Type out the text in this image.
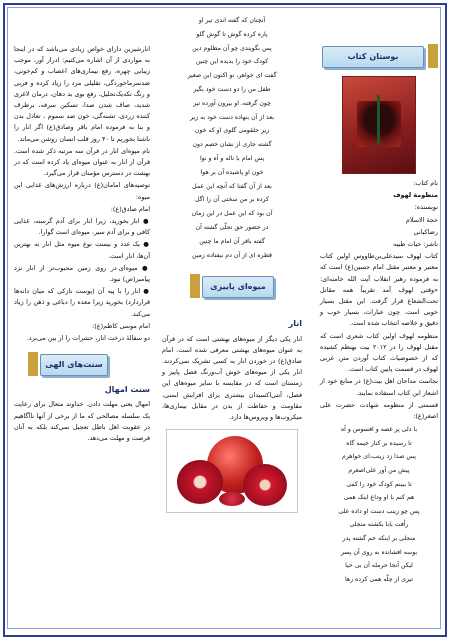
بوستان کتاب

نام کتاب:

منظومة لهوف

نویسنده:

حجة الاسلام

رضاکیانی

ناشر: حیات طیبه

کتاب لهوف سیدعلی‌بن‌طاووس اولین کتاب معتبر و معتبر مقتل امام حسین(ع) است که به فرموده رهبر انقلاب آیت الله خامنه‌ای: «وقتی لهوف آمد تقریباً همه مقاتل تحت‌الشعاع قرار گرفت. این مقتل بسیار خوبی است. چون عبارات، بسیار خوب و دقیق و خلاصه انتخاب شده است.

منظومه لهوف اولین کتاب شعری است که مقتل لهوف را در ۲۰۱۲ بیت بهنظم کشیده که از خصوصیات کتاب آوردن متن عربی لهوف در قسمت پایین کتاب است.

بجاست مداحان اهل بیت(ع) در منابع خود از اشعار این کتاب استفاده نمایند.

قسمتی از منظومه شهادت حضرت علی اصغر(ع):

با دلی پر غصه و افسوس و آه
تا رسیده بر کنار خیمه گاه
پس صدا زد زینب،ای خواهرم
پیش من آور علی‌اصغرم
تا ببینم کودک خود را کمی
هم کنم با او وداع اینک همی
پس چو زینب دست او داده علی
رأفت بابا بکشته منجلی
منجلی بر اینکه خم گشته پدر
بوسه افشانده به روی آن پسر
لیکن آنجا حرمله آن بی حیا
تیری از چلّه همی کرده رها
آنچنان که گفته اندی تیر او
پاره کرده گوش تا گوش گلو
پس بگویندی چو آن مظلوم دین
کودک خود را بدیده این چنین
گفت ای خواهر، تو اکنون این صغیر
طفل من را دو دست خود بگیر
چون گرفته، او بیرون آورده تیر
بعد از آن بنهاده دست خود به زیر
زیر حلقومی گلوی او که خون
گشته جاری از نشان خصم دون
پس امام با ناله و آه و نوا
خون او پاشیده آن بر هوا
بعد از آن گفتا که آنچه این عمل
کرده بر من سختی آن را اگل
آن بود که این عمل در این زمان
در حضور حق تجلّی گشته آن
گفته باقر آن امام ما چنین
قطره ای از آن دم نیفتاده زمین
میوه‌ای پاییزی
انار

انار یکی دیگر از میوه‌های بهشتی است که در قرآن به عنوان میوه‌های بهشتی معرفی شده است. امام صادق(ع) در خوردن انار به کسی تشریک نمی‌کردند. انار یکی از میوه‌های خوش آب‌ورنگ فصل پاییز و زمستان است که در مقایسه با سایر میوه‌های این فصل، آنتی‌اکسیدان بیشتری برای افزایش ایمنی، مقاومت و حفاظت از بدن در مقابل بیماری‌ها، میکروب‌ها و ویروس‌ها دارد.

انارشیرین دارای خواص زیادی می‌باشد که در اینجا به مواردی از آن اشاره می‌کنیم: ادرار آور، موجب زیبایی چهره، رفع بیماری‌های اعصاب و کم‌خونی، ضدسرماخوردگی، تقلیلی مرد را زیاد کرده و فربی و رنگ ‌تکه‌یک‌تحلیل، رفع بوی بد دهان، درمان لاغری شدید، صاف شدن صدا، تسکین سرفه، برطرف کننده زردی، تشنه‌گی، خون ضد سموم ، تعادل بدن و بنا به فرموده امام باقر وصادق(ع) اگر انار را ناشتا بخوریم تا ۴۰ روز قلب انسان روشن می‌ماند.

نام میوه‌ای انار در قرآن سه مرتبه ذکر شده است. قرآن از انار به عنوان میوه‌ای یاد کرده است که در بهشت در دسترس مؤمنان قرار می‌گیرد.

توصیه‌های امامان(ع) درباره ارزش‌های غذایی این میوه:

امام صادق(ع):

● انار بخورید، زیرا انار برای آدم گرسنه، غذایی کافی و برای آدم سیر، میوه‌ای است گوارا.

● یک عدد و بیست نوع میوه مثل انار به بهترین آن‌ها، انار است.

● میوه‌ای در روی زمین محبوب‌تر از انار نزد پیامبر(ص) نبود.

● انار را با پیه آن (پوست نازکی که میان دانه‌ها قراردارد) بخورید زیرا معده را دباغی و ذهن را زیاد می‌کند.

امام موسی کاظم(ع):

دو سفالهٔ درخت انار، حشرات را از بین می‌برد.

سنت‌های الهی
سنت امهال

امهال یعنی مهلت دادن. خداوند متعال برای رعایت یک سلسله مصالحی که ما از برخی از آنها ناآگاهیم در عقوبت اهل باطل تعجیل نمی‌کند بلکه به آنان فرصت و مهلت می‌دهد.
